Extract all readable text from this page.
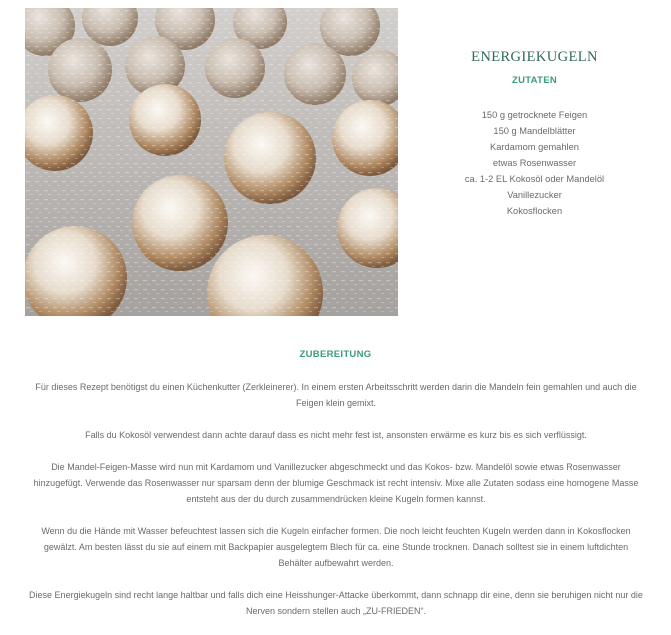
ENERGIEKUGELN
ZUTATEN
150 g getrocknete Feigen
150 g Mandelblätter
Kardamom gemahlen
etwas Rosenwasser
ca. 1-2 EL Kokosöl oder Mandelöl
Vanillezucker
Kokosflocken
ZUBEREITUNG

Für dieses Rezept benötigst du einen Küchenkutter (Zerkleinerer). In einem ersten Arbeitsschritt werden darin die Mandeln fein gemahlen und auch die Feigen klein gemixt.

Falls du Kokosöl verwendest dann achte darauf dass es nicht mehr fest ist, ansonsten erwärme es kurz bis es sich verflüssigt.

Die Mandel-Feigen-Masse wird nun mit Kardamom und Vanillezucker abgeschmeckt und das Kokos- bzw. Mandelöl sowie etwas Rosenwasser hinzugefügt. Verwende das Rosenwasser nur sparsam denn der blumige Geschmack ist recht intensiv. Mixe alle Zutaten sodass eine homogene Masse entsteht aus der du durch zusammendrücken kleine Kugeln formen kannst.

Wenn du die Hände mit Wasser befeuchtest lassen sich die Kugeln einfacher formen. Die noch leicht feuchten Kugeln werden dann in Kokosflocken gewälzt. Am besten lässt du sie auf einem mit Backpapier ausgelegtem Blech für ca. eine Stunde trocknen. Danach solltest sie in einem luftdichten Behälter aufbewahrt werden.

Diese Energiekugeln sind recht lange haltbar und falls dich eine Heisshunger-Attacke überkommt, dann schnapp dir eine, denn sie beruhigen nicht nur die Nerven sondern stellen auch „ZU-FRIEDEN“.
